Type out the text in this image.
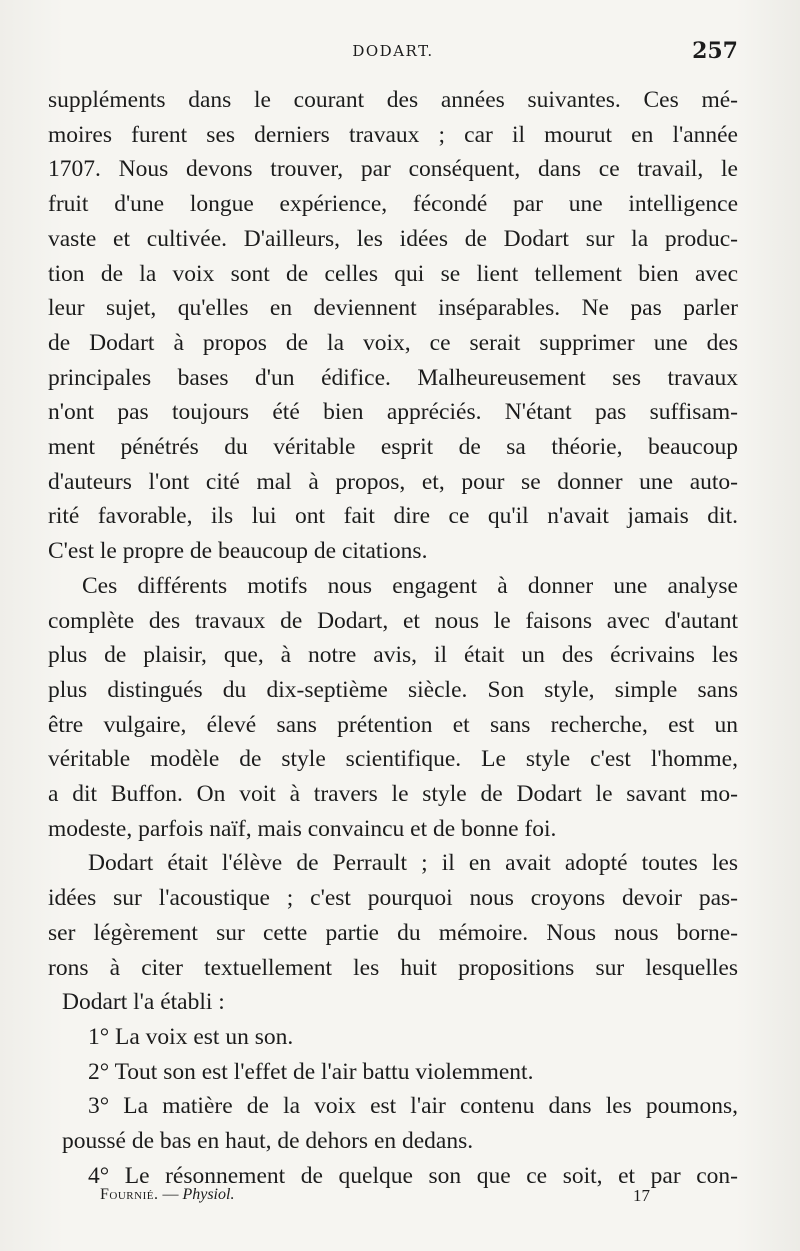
DODART.	257
suppléments dans le courant des années suivantes. Ces mé-
moires furent ses derniers travaux ; car il mourut en l'année
1707. Nous devons trouver, par conséquent, dans ce travail, le
fruit d'une longue expérience, fécondé par une intelligence
vaste et cultivée. D'ailleurs, les idées de Dodart sur la produc-
tion de la voix sont de celles qui se lient tellement bien avec
leur sujet, qu'elles en deviennent inséparables. Ne pas parler
de Dodart à propos de la voix, ce serait supprimer une des
principales bases d'un édifice. Malheureusement ses travaux
n'ont pas toujours été bien appréciés. N'étant pas suffisam-
ment pénétrés du véritable esprit de sa théorie, beaucoup
d'auteurs l'ont cité mal à propos, et, pour se donner une auto-
rité favorable, ils lui ont fait dire ce qu'il n'avait jamais dit.
C'est le propre de beaucoup de citations.
Ces différents motifs nous engagent à donner une analyse
complète des travaux de Dodart, et nous le faisons avec d'autant
plus de plaisir, que, à notre avis, il était un des écrivains les
plus distingués du dix-septième siècle. Son style, simple sans
être vulgaire, élevé sans prétention et sans recherche, est un
véritable modèle de style scientifique. Le style c'est l'homme,
a dit Buffon. On voit à travers le style de Dodart le savant mo-
modeste, parfois naïf, mais convaincu et de bonne foi.
Dodart était l'élève de Perrault ; il en avait adopté toutes les
idées sur l'acoustique ; c'est pourquoi nous croyons devoir pas-
ser légèrement sur cette partie du mémoire. Nous nous borne-
rons à citer textuellement les huit propositions sur lesquelles
Dodart l'a établi :
1° La voix est un son.
2° Tout son est l'effet de l'air battu violemment.
3° La matière de la voix est l'air contenu dans les poumons,
poussé de bas en haut, de dehors en dedans.
4° Le résonnement de quelque son que ce soit, et par con-
Fournié. — Physiol.	17
